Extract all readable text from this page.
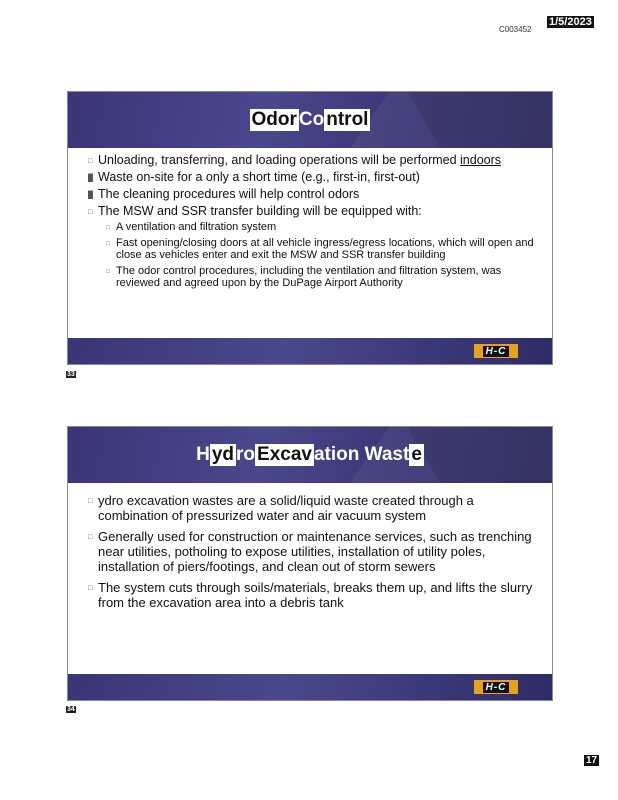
C003452
1/5/2023
Odor Co ntrol
□ Unloading, transferring, and loading operations will be performed indoors
█ Waste on-site for a only a short time (e.g., first-in, first-out)
█ The cleaning procedures will help control odors
□ The MSW and SSR transfer building will be equipped with:
□ A ventilation and filtration system
□ Fast opening/closing doors at all vehicle ingress/egress locations, which will open and close as vehicles enter and exit the MSW and SSR transfer building
□ The odor control procedures, including the ventilation and filtration system, was reviewed and agreed upon by the DuPage Airport Authority
H-C
33
H yd ro Excav ation Wast e
□ ydro excavation wastes are a solid/liquid waste created through a combination of pressurized water and air vacuum system
□ Generally used for construction or maintenance services, such as trenching near utilities, potholing to expose utilities, installation of utility poles, installation of piers/footings, and clean out of storm sewers
□ The system cuts through soils/materials, breaks them up, and lifts the slurry from the excavation area into a debris tank
H-C
34
17
